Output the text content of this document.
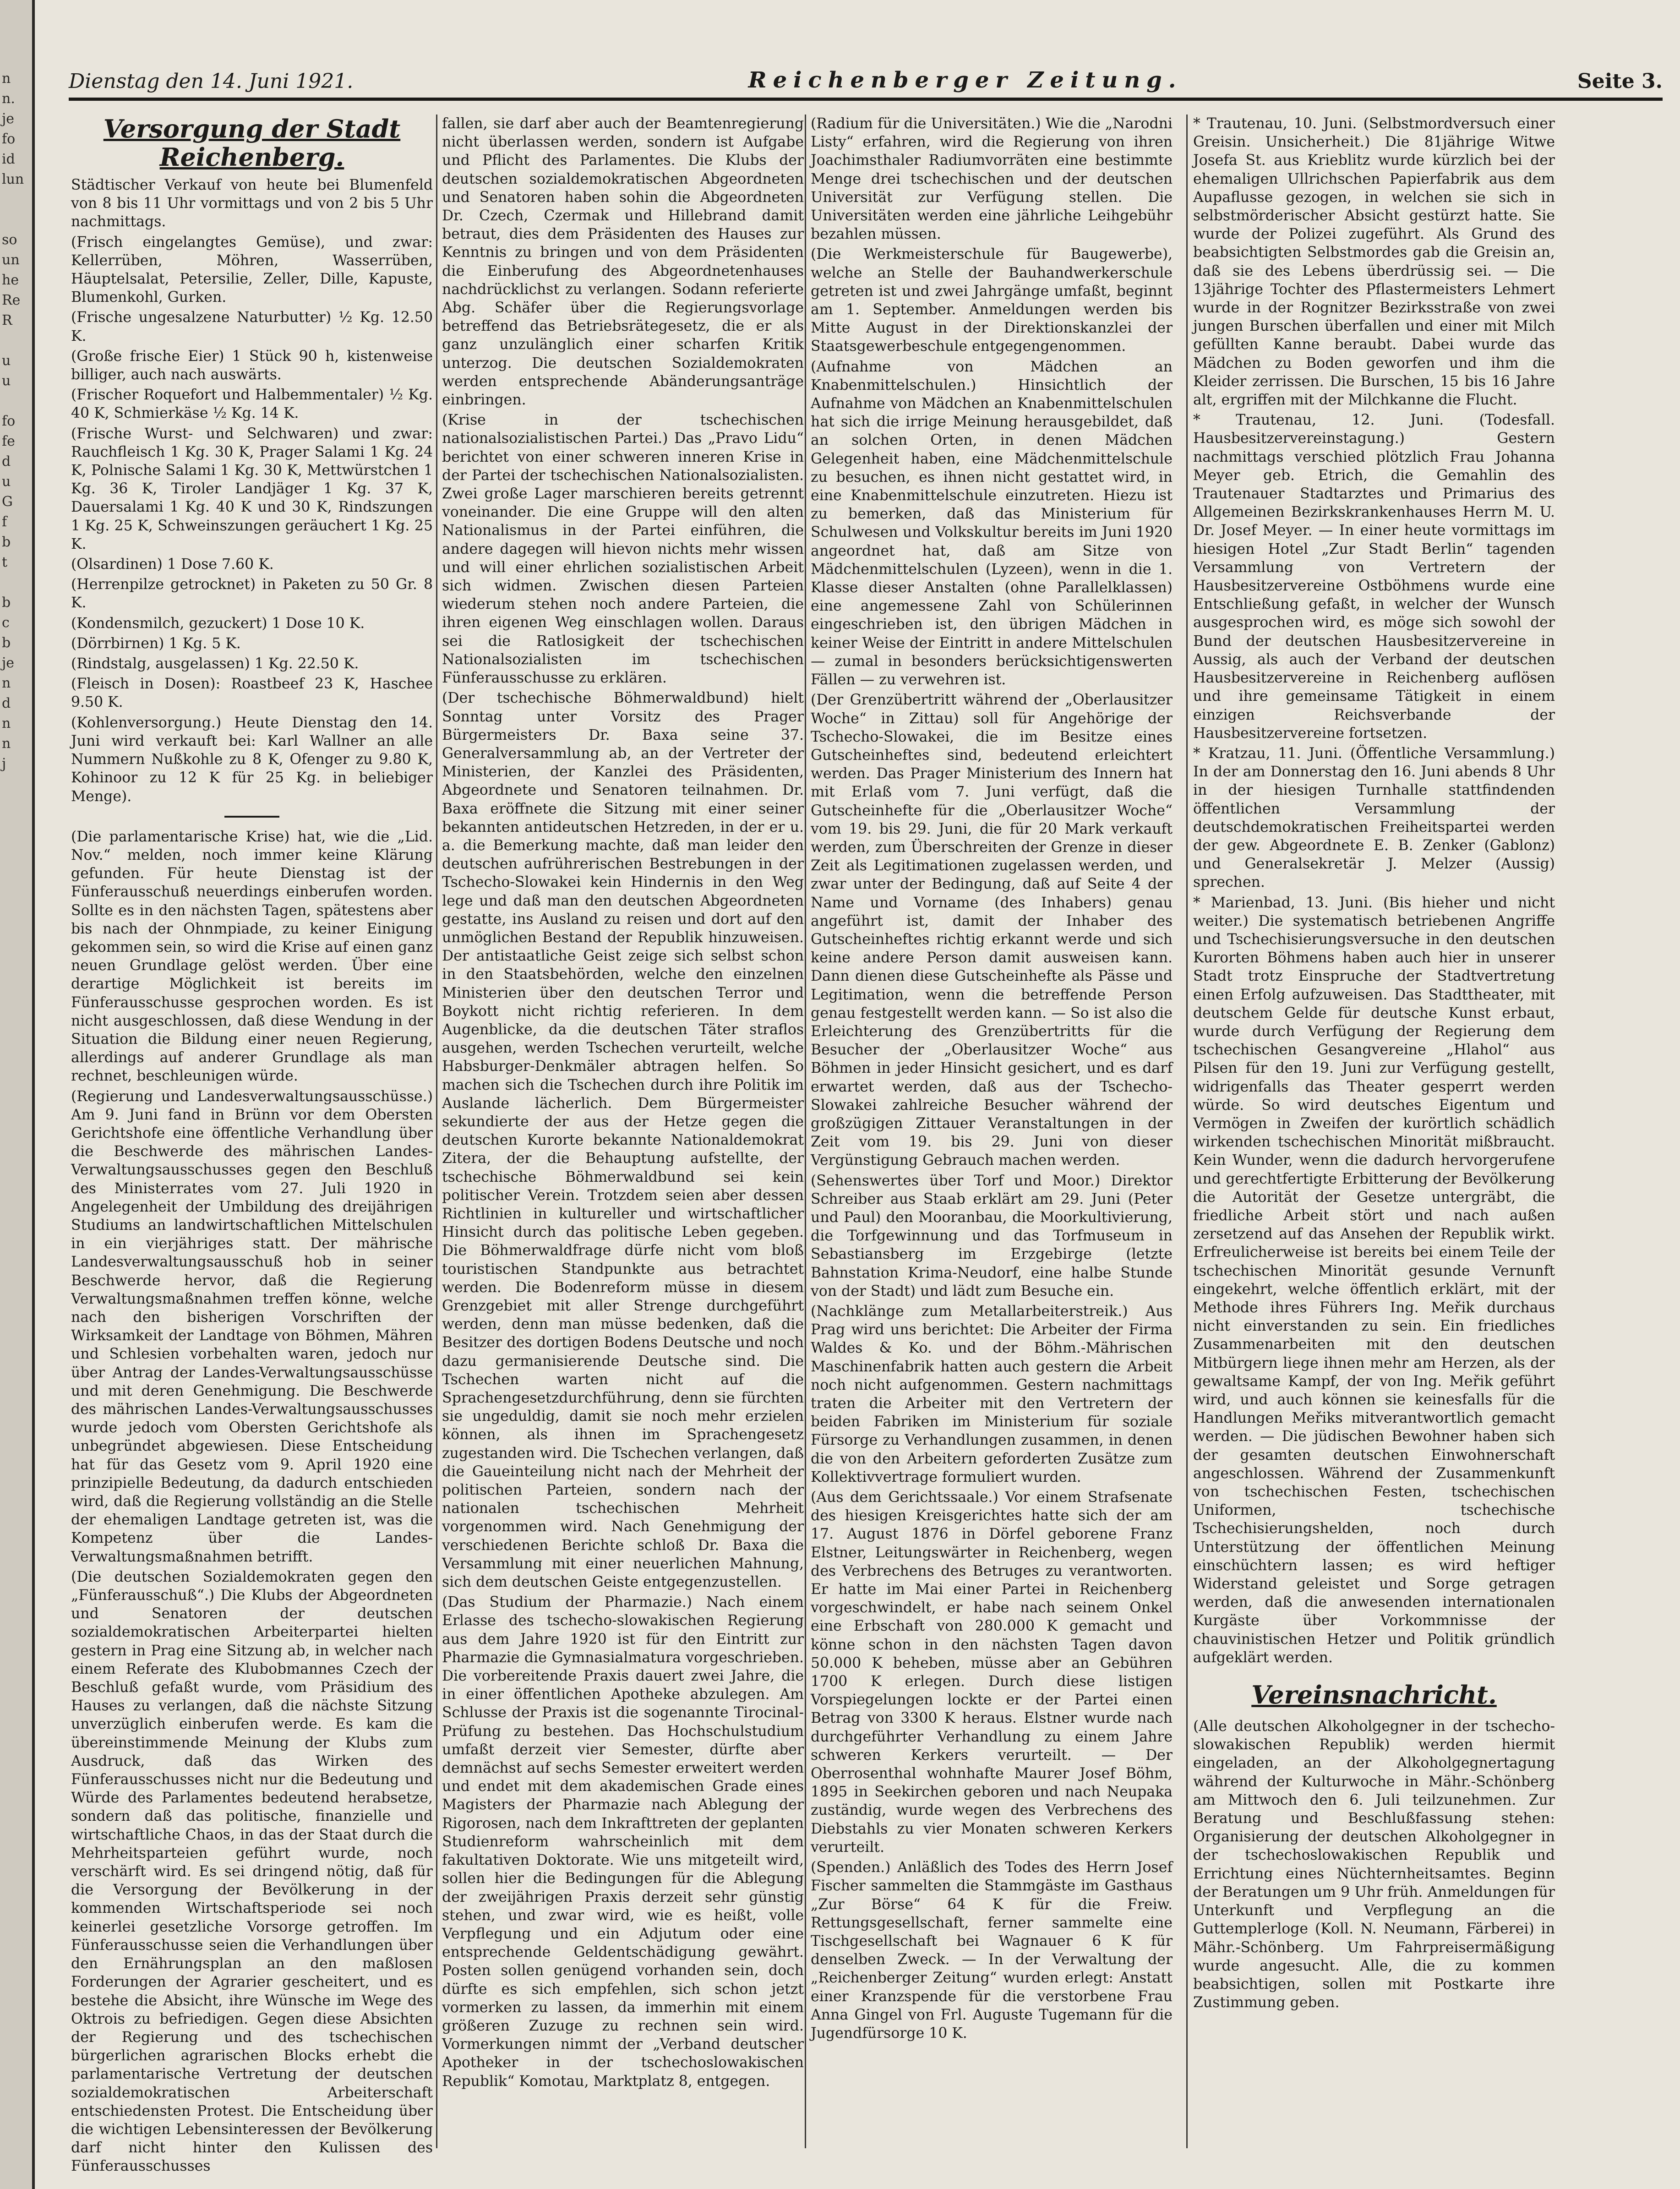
n
n.
je
fo
id
lun

so
un
he
Re
R

u
u

fo
fe
d
u
G
f
b
t

b
c
b
je
n
d
n
n
j
Dienstag den 14. Juni 1921.	Reichenberger Zeitung.	Seite 3.
Versorgung der Stadt Reichenberg.

Städtischer Verkauf von heute bei Blumenfeld von 8 bis 11 Uhr vormittags und von 2 bis 5 Uhr nachmittags.

(Frisch eingelangtes Gemüse), und zwar: Kellerrüben, Möhren, Wasserrüben, Häuptelsalat, Petersilie, Zeller, Dille, Kapuste, Blumenkohl, Gurken.

(Frische ungesalzene Naturbutter) ½ Kg. 12.50 K.

(Große frische Eier) 1 Stück 90 h, kistenweise billiger, auch nach auswärts.

(Frischer Roquefort und Halbemmentaler) ½ Kg. 40 K, Schmierkäse ½ Kg. 14 K.

(Frische Wurst- und Selchwaren) und zwar: Rauchfleisch 1 Kg. 30 K, Prager Salami 1 Kg. 24 K, Polnische Salami 1 Kg. 30 K, Mettwürstchen 1 Kg. 36 K, Tiroler Landjäger 1 Kg. 37 K, Dauersalami 1 Kg. 40 K und 30 K, Rindszungen 1 Kg. 25 K, Schweinszungen geräuchert 1 Kg. 25 K.

(Olsardinen) 1 Dose 7.60 K.

(Herrenpilze getrocknet) in Paketen zu 50 Gr. 8 K.

(Kondensmilch, gezuckert) 1 Dose 10 K.

(Dörrbirnen) 1 Kg. 5 K.

(Rindstalg, ausgelassen) 1 Kg. 22.50 K.

(Fleisch in Dosen): Roastbeef 23 K, Haschee 9.50 K.

(Kohlenversorgung.) Heute Dienstag den 14. Juni wird verkauft bei: Karl Wallner an alle Nummern Nußkohle zu 8 K, Ofenger zu 9.80 K, Kohinoor zu 12 K für 25 Kg. in beliebiger Menge).

(Die parlamentarische Krise) hat, wie die „Lid. Nov.“ melden, noch immer keine Klärung gefunden. Für heute Dienstag ist der Fünferausschuß neuerdings einberufen worden. Sollte es in den nächsten Tagen, spätestens aber bis nach der Ohnmpiade, zu keiner Einigung gekommen sein, so wird die Krise auf einen ganz neuen Grundlage gelöst werden. Über eine derartige Möglichkeit ist bereits im Fünferausschusse gesprochen worden. Es ist nicht ausgeschlossen, daß diese Wendung in der Situation die Bildung einer neuen Regierung, allerdings auf anderer Grundlage als man rechnet, beschleunigen würde.

(Regierung und Landesverwaltungsausschüsse.) Am 9. Juni fand in Brünn vor dem Obersten Gerichtshofe eine öffentliche Verhandlung über die Beschwerde des mährischen Landes-Verwaltungsausschusses gegen den Beschluß des Ministerrates vom 27. Juli 1920 in Angelegenheit der Umbildung des dreijährigen Studiums an landwirtschaftlichen Mittelschulen in ein vierjähriges statt. Der mährische Landesverwaltungsausschuß hob in seiner Beschwerde hervor, daß die Regierung Verwaltungsmaßnahmen treffen könne, welche nach den bisherigen Vorschriften der Wirksamkeit der Landtage von Böhmen, Mähren und Schlesien vorbehalten waren, jedoch nur über Antrag der Landes-Verwaltungsausschüsse und mit deren Genehmigung. Die Beschwerde des mährischen Landes-Verwaltungsausschusses wurde jedoch vom Obersten Gerichtshofe als unbegründet abgewiesen. Diese Entscheidung hat für das Gesetz vom 9. April 1920 eine prinzipielle Bedeutung, da dadurch entschieden wird, daß die Regierung vollständig an die Stelle der ehemaligen Landtage getreten ist, was die Kompetenz über die Landes-Verwaltungsmaßnahmen betrifft.

(Die deutschen Sozialdemokraten gegen den „Fünferausschuß“.) Die Klubs der Abgeordneten und Senatoren der deutschen sozialdemokratischen Arbeiterpartei hielten gestern in Prag eine Sitzung ab, in welcher nach einem Referate des Klubobmannes Czech der Beschluß gefaßt wurde, vom Präsidium des Hauses zu verlangen, daß die nächste Sitzung unverzüglich einberufen werde. Es kam die übereinstimmende Meinung der Klubs zum Ausdruck, daß das Wirken des Fünferausschusses nicht nur die Bedeutung und Würde des Parlamentes bedeutend herabsetze, sondern daß das politische, finanzielle und wirtschaftliche Chaos, in das der Staat durch die Mehrheitsparteien geführt wurde, noch verschärft wird. Es sei dringend nötig, daß für die Versorgung der Bevölkerung in der kommenden Wirtschaftsperiode sei noch keinerlei gesetzliche Vorsorge getroffen. Im Fünferausschusse seien die Verhandlungen über den Ernährungsplan an den maßlosen Forderungen der Agrarier gescheitert, und es bestehe die Absicht, ihre Wünsche im Wege des Oktrois zu befriedigen. Gegen diese Absichten der Regierung und des tschechischen bürgerlichen agrarischen Blocks erhebt die parlamentarische Vertretung der deutschen sozialdemokratischen Arbeiterschaft entschiedensten Protest. Die Entscheidung über die wichtigen Lebensinteressen der Bevölkerung darf nicht hinter den Kulissen des Fünferausschusses

fallen, sie darf aber auch der Beamtenregierung nicht überlassen werden, sondern ist Aufgabe und Pflicht des Parlamentes. Die Klubs der deutschen sozialdemokratischen Abgeordneten und Senatoren haben sohin die Abgeordneten Dr. Czech, Czermak und Hillebrand damit betraut, dies dem Präsidenten des Hauses zur Kenntnis zu bringen und von dem Präsidenten die Einberufung des Abgeordnetenhauses nachdrücklichst zu verlangen. Sodann referierte Abg. Schäfer über die Regierungsvorlage betreffend das Betriebsrätegesetz, die er als ganz unzulänglich einer scharfen Kritik unterzog. Die deutschen Sozialdemokraten werden entsprechende Abänderungsanträge einbringen.

(Krise in der tschechischen nationalsozialistischen Partei.) Das „Pravo Lidu“ berichtet von einer schweren inneren Krise in der Partei der tschechischen Nationalsozialisten. Zwei große Lager marschieren bereits getrennt voneinander. Die eine Gruppe will den alten Nationalismus in der Partei einführen, die andere dagegen will hievon nichts mehr wissen und will einer ehrlichen sozialistischen Arbeit sich widmen. Zwischen diesen Parteien wiederum stehen noch andere Parteien, die ihren eigenen Weg einschlagen wollen. Daraus sei die Ratlosigkeit der tschechischen Nationalsozialisten im tschechischen Fünferausschusse zu erklären.

(Der tschechische Böhmerwaldbund) hielt Sonntag unter Vorsitz des Prager Bürgermeisters Dr. Baxa seine 37. Generalversammlung ab, an der Vertreter der Ministerien, der Kanzlei des Präsidenten, Abgeordnete und Senatoren teilnahmen. Dr. Baxa eröffnete die Sitzung mit einer seiner bekannten antideutschen Hetzreden, in der er u. a. die Bemerkung machte, daß man leider den deutschen aufrührerischen Bestrebungen in der Tschecho-Slowakei kein Hindernis in den Weg lege und daß man den deutschen Abgeordneten gestatte, ins Ausland zu reisen und dort auf den unmöglichen Bestand der Republik hinzuweisen. Der antistaatliche Geist zeige sich selbst schon in den Staatsbehörden, welche den einzelnen Ministerien über den deutschen Terror und Boykott nicht richtig referieren. In dem Augenblicke, da die deutschen Täter straflos ausgehen, werden Tschechen verurteilt, welche Habsburger-Denkmäler abtragen helfen. So machen sich die Tschechen durch ihre Politik im Auslande lächerlich. Dem Bürgermeister sekundierte der aus der Hetze gegen die deutschen Kurorte bekannte Nationaldemokrat Zitera, der die Behauptung aufstellte, der tschechische Böhmerwaldbund sei kein politischer Verein. Trotzdem seien aber dessen Richtlinien in kultureller und wirtschaftlicher Hinsicht durch das politische Leben gegeben. Die Böhmerwaldfrage dürfe nicht vom bloß touristischen Standpunkte aus betrachtet werden. Die Bodenreform müsse in diesem Grenzgebiet mit aller Strenge durchgeführt werden, denn man müsse bedenken, daß die Besitzer des dortigen Bodens Deutsche und noch dazu germanisierende Deutsche sind. Die Tschechen warten nicht auf die Sprachengesetzdurchführung, denn sie fürchten sie ungeduldig, damit sie noch mehr erzielen können, als ihnen im Sprachengesetz zugestanden wird. Die Tschechen verlangen, daß die Gaueinteilung nicht nach der Mehrheit der politischen Parteien, sondern nach der nationalen tschechischen Mehrheit vorgenommen wird. Nach Genehmigung der verschiedenen Berichte schloß Dr. Baxa die Versammlung mit einer neuerlichen Mahnung, sich dem deutschen Geiste entgegenzustellen.

(Das Studium der Pharmazie.) Nach einem Erlasse des tschecho-slowakischen Regierung aus dem Jahre 1920 ist für den Eintritt zur Pharmazie die Gymnasialmatura vorgeschrieben. Die vorbereitende Praxis dauert zwei Jahre, die in einer öffentlichen Apotheke abzulegen. Am Schlusse der Praxis ist die sogenannte Tirocinal-Prüfung zu bestehen. Das Hochschulstudium umfaßt derzeit vier Semester, dürfte aber demnächst auf sechs Semester erweitert werden und endet mit dem akademischen Grade eines Magisters der Pharmazie nach Ablegung der Rigorosen, nach dem Inkrafttreten der geplanten Studienreform wahrscheinlich mit dem fakultativen Doktorate. Wie uns mitgeteilt wird, sollen hier die Bedingungen für die Ablegung der zweijährigen Praxis derzeit sehr günstig stehen, und zwar wird, wie es heißt, volle Verpflegung und ein Adjutum oder eine entsprechende Geldentschädigung gewährt. Posten sollen genügend vorhanden sein, doch dürfte es sich empfehlen, sich schon jetzt vormerken zu lassen, da immerhin mit einem größeren Zuzuge zu rechnen sein wird. Vormerkungen nimmt der „Verband deutscher Apotheker in der tschechoslowakischen Republik“ Komotau, Marktplatz 8, entgegen.

(Radium für die Universitäten.) Wie die „Narodni Listy“ erfahren, wird die Regierung von ihren Joachimsthaler Radiumvorräten eine bestimmte Menge drei tschechischen und der deutschen Universität zur Verfügung stellen. Die Universitäten werden eine jährliche Leihgebühr bezahlen müssen.

(Die Werkmeisterschule für Baugewerbe), welche an Stelle der Bauhandwerkerschule getreten ist und zwei Jahrgänge umfaßt, beginnt am 1. September. Anmeldungen werden bis Mitte August in der Direktionskanzlei der Staatsgewerbeschule entgegengenommen.

(Aufnahme von Mädchen an Knabenmittelschulen.) Hinsichtlich der Aufnahme von Mädchen an Knabenmittelschulen hat sich die irrige Meinung herausgebildet, daß an solchen Orten, in denen Mädchen Gelegenheit haben, eine Mädchenmittelschule zu besuchen, es ihnen nicht gestattet wird, in eine Knabenmittelschule einzutreten. Hiezu ist zu bemerken, daß das Ministerium für Schulwesen und Volkskultur bereits im Juni 1920 angeordnet hat, daß am Sitze von Mädchenmittelschulen (Lyzeen), wenn in die 1. Klasse dieser Anstalten (ohne Parallelklassen) eine angemessene Zahl von Schülerinnen eingeschrieben ist, den übrigen Mädchen in keiner Weise der Eintritt in andere Mittelschulen — zumal in besonders berücksichtigenswerten Fällen — zu verwehren ist.

(Der Grenzübertritt während der „Oberlausitzer Woche“ in Zittau) soll für Angehörige der Tschecho-Slowakei, die im Besitze eines Gutscheinheftes sind, bedeutend erleichtert werden. Das Prager Ministerium des Innern hat mit Erlaß vom 7. Juni verfügt, daß die Gutscheinhefte für die „Oberlausitzer Woche“ vom 19. bis 29. Juni, die für 20 Mark verkauft werden, zum Überschreiten der Grenze in dieser Zeit als Legitimationen zugelassen werden, und zwar unter der Bedingung, daß auf Seite 4 der Name und Vorname (des Inhabers) genau angeführt ist, damit der Inhaber des Gutscheinheftes richtig erkannt werde und sich keine andere Person damit ausweisen kann. Dann dienen diese Gutscheinhefte als Pässe und Legitimation, wenn die betreffende Person genau festgestellt werden kann. — So ist also die Erleichterung des Grenzübertritts für die Besucher der „Oberlausitzer Woche“ aus Böhmen in jeder Hinsicht gesichert, und es darf erwartet werden, daß aus der Tschecho-Slowakei zahlreiche Besucher während der großzügigen Zittauer Veranstaltungen in der Zeit vom 19. bis 29. Juni von dieser Vergünstigung Gebrauch machen werden.

(Sehenswertes über Torf und Moor.) Direktor Schreiber aus Staab erklärt am 29. Juni (Peter und Paul) den Mooranbau, die Moorkultivierung, die Torfgewinnung und das Torfmuseum in Sebastiansberg im Erzgebirge (letzte Bahnstation Krima-Neudorf, eine halbe Stunde von der Stadt) und lädt zum Besuche ein.

(Nachklänge zum Metallarbeiterstreik.) Aus Prag wird uns berichtet: Die Arbeiter der Firma Waldes & Ko. und der Böhm.-Mährischen Maschinenfabrik hatten auch gestern die Arbeit noch nicht aufgenommen. Gestern nachmittags traten die Arbeiter mit den Vertretern der beiden Fabriken im Ministerium für soziale Fürsorge zu Verhandlungen zusammen, in denen die von den Arbeitern geforderten Zusätze zum Kollektivvertrage formuliert wurden.

(Aus dem Gerichtssaale.) Vor einem Strafsenate des hiesigen Kreisgerichtes hatte sich der am 17. August 1876 in Dörfel geborene Franz Elstner, Leitungswärter in Reichenberg, wegen des Verbrechens des Betruges zu verantworten. Er hatte im Mai einer Partei in Reichenberg vorgeschwindelt, er habe nach seinem Onkel eine Erbschaft von 280.000 K gemacht und könne schon in den nächsten Tagen davon 50.000 K beheben, müsse aber an Gebühren 1700 K erlegen. Durch diese listigen Vorspiegelungen lockte er der Partei einen Betrag von 3300 K heraus. Elstner wurde nach durchgeführter Verhandlung zu einem Jahre schweren Kerkers verurteilt. — Der Oberrosenthal wohnhafte Maurer Josef Böhm, 1895 in Seekirchen geboren und nach Neupaka zuständig, wurde wegen des Verbrechens des Diebstahls zu vier Monaten schweren Kerkers verurteilt.

(Spenden.) Anläßlich des Todes des Herrn Josef Fischer sammelten die Stammgäste im Gasthaus „Zur Börse“ 64 K für die Freiw. Rettungsgesellschaft, ferner sammelte eine Tischgesellschaft bei Wagnauer 6 K für denselben Zweck. — In der Verwaltung der „Reichenberger Zeitung“ wurden erlegt: Anstatt einer Kranzspende für die verstorbene Frau Anna Gingel von Frl. Auguste Tugemann für die Jugendfürsorge 10 K.

* Trautenau, 10. Juni. (Selbstmordversuch einer Greisin. Unsicherheit.) Die 81jährige Witwe Josefa St. aus Krieblitz wurde kürzlich bei der ehemaligen Ullrichschen Papierfabrik aus dem Aupaflusse gezogen, in welchen sie sich in selbstmörderischer Absicht gestürzt hatte. Sie wurde der Polizei zugeführt. Als Grund des beabsichtigten Selbstmordes gab die Greisin an, daß sie des Lebens überdrüssig sei. — Die 13jährige Tochter des Pflastermeisters Lehmert wurde in der Rognitzer Bezirksstraße von zwei jungen Burschen überfallen und einer mit Milch gefüllten Kanne beraubt. Dabei wurde das Mädchen zu Boden geworfen und ihm die Kleider zerrissen. Die Burschen, 15 bis 16 Jahre alt, ergriffen mit der Milchkanne die Flucht.

* Trautenau, 12. Juni. (Todesfall. Hausbesitzervereinstagung.) Gestern nachmittags verschied plötzlich Frau Johanna Meyer geb. Etrich, die Gemahlin des Trautenauer Stadtarztes und Primarius des Allgemeinen Bezirkskrankenhauses Herrn M. U. Dr. Josef Meyer. — In einer heute vormittags im hiesigen Hotel „Zur Stadt Berlin“ tagenden Versammlung von Vertretern der Hausbesitzervereine Ostböhmens wurde eine Entschließung gefaßt, in welcher der Wunsch ausgesprochen wird, es möge sich sowohl der Bund der deutschen Hausbesitzervereine in Aussig, als auch der Verband der deutschen Hausbesitzervereine in Reichenberg auflösen und ihre gemeinsame Tätigkeit in einem einzigen Reichsverbande der Hausbesitzervereine fortsetzen.

* Kratzau, 11. Juni. (Öffentliche Versammlung.) In der am Donnerstag den 16. Juni abends 8 Uhr in der hiesigen Turnhalle stattfindenden öffentlichen Versammlung der deutschdemokratischen Freiheitspartei werden der gew. Abgeordnete E. B. Zenker (Gablonz) und Generalsekretär J. Melzer (Aussig) sprechen.

* Marienbad, 13. Juni. (Bis hieher und nicht weiter.) Die systematisch betriebenen Angriffe und Tschechisierungsversuche in den deutschen Kurorten Böhmens haben auch hier in unserer Stadt trotz Einspruche der Stadtvertretung einen Erfolg aufzuweisen. Das Stadttheater, mit deutschem Gelde für deutsche Kunst erbaut, wurde durch Verfügung der Regierung dem tschechischen Gesangvereine „Hlahol“ aus Pilsen für den 19. Juni zur Verfügung gestellt, widrigenfalls das Theater gesperrt werden würde. So wird deutsches Eigentum und Vermögen in Zweifen der kurörtlich schädlich wirkenden tschechischen Minorität mißbraucht. Kein Wunder, wenn die dadurch hervorgerufene und gerechtfertigte Erbitterung der Bevölkerung die Autorität der Gesetze untergräbt, die friedliche Arbeit stört und nach außen zersetzend auf das Ansehen der Republik wirkt. Erfreulicherweise ist bereits bei einem Teile der tschechischen Minorität gesunde Vernunft eingekehrt, welche öffentlich erklärt, mit der Methode ihres Führers Ing. Meřik durchaus nicht einverstanden zu sein. Ein friedliches Zusammenarbeiten mit den deutschen Mitbürgern liege ihnen mehr am Herzen, als der gewaltsame Kampf, der von Ing. Meřik geführt wird, und auch können sie keinesfalls für die Handlungen Meřiks mitverantwortlich gemacht werden. — Die jüdischen Bewohner haben sich der gesamten deutschen Einwohnerschaft angeschlossen. Während der Zusammenkunft von tschechischen Festen, tschechischen Uniformen, tschechische Tschechisierungshelden, noch durch Unterstützung der öffentlichen Meinung einschüchtern lassen; es wird heftiger Widerstand geleistet und Sorge getragen werden, daß die anwesenden internationalen Kurgäste über Vorkommnisse der chauvinistischen Hetzer und Politik gründlich aufgeklärt werden.

Vereinsnachricht.

(Alle deutschen Alkoholgegner in der tschecho-slowakischen Republik) werden hiermit eingeladen, an der Alkoholgegnertagung während der Kulturwoche in Mähr.-Schönberg am Mittwoch den 6. Juli teilzunehmen. Zur Beratung und Beschlußfassung stehen: Organisierung der deutschen Alkoholgegner in der tschechoslowakischen Republik und Errichtung eines Nüchternheitsamtes. Beginn der Beratungen um 9 Uhr früh. Anmeldungen für Unterkunft und Verpflegung an die Guttemplerloge (Koll. N. Neumann, Färberei) in Mähr.-Schönberg. Um Fahrpreisermäßigung wurde angesucht. Alle, die zu kommen beabsichtigen, sollen mit Postkarte ihre Zustimmung geben.
